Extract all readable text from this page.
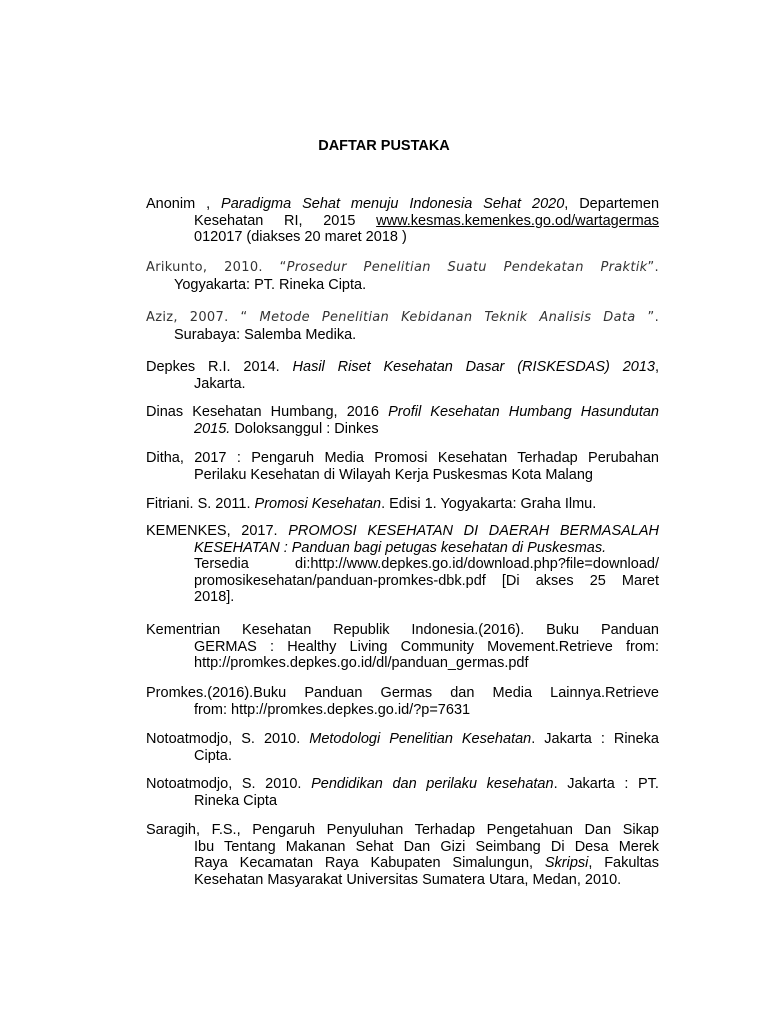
DAFTAR PUSTAKA
Anonim , Paradigma Sehat menuju Indonesia Sehat 2020, Departemen
Kesehatan RI, 2015 www.kesmas.kemenkes.go.od/wartagermas
012017 (diakses 20 maret 2018 )
Arikunto, 2010. “Prosedur Penelitian Suatu Pendekatan Praktik”.
Yogyakarta: PT. Rineka Cipta.
Aziz, 2007. “ Metode Penelitian Kebidanan Teknik Analisis Data ”.
Surabaya: Salemba Medika.
Depkes R.I. 2014. Hasil Riset Kesehatan Dasar (RISKESDAS) 2013,
Jakarta.
Dinas Kesehatan Humbang, 2016 Profil Kesehatan Humbang Hasundutan
2015. Doloksanggul : Dinkes
Ditha, 2017 : Pengaruh Media Promosi Kesehatan Terhadap Perubahan
Perilaku Kesehatan di Wilayah Kerja Puskesmas Kota Malang
Fitriani. S. 2011. Promosi Kesehatan. Edisi 1. Yogyakarta: Graha Ilmu.
KEMENKES, 2017. PROMOSI KESEHATAN DI DAERAH BERMASALAH
KESEHATAN : Panduan bagi petugas kesehatan di Puskesmas.
Tersedia di:http://www.depkes.go.id/download.php?file=download/
promosikesehatan/panduan-promkes-dbk.pdf [Di akses 25 Maret
2018].
Kementrian Kesehatan Republik Indonesia.(2016). Buku Panduan
GERMAS : Healthy Living Community Movement.Retrieve from:
http://promkes.depkes.go.id/dl/panduan_germas.pdf
Promkes.(2016).Buku Panduan Germas dan Media Lainnya.Retrieve
from: http://promkes.depkes.go.id/?p=7631
Notoatmodjo, S. 2010. Metodologi Penelitian Kesehatan. Jakarta : Rineka
Cipta.
Notoatmodjo, S. 2010. Pendidikan dan perilaku kesehatan. Jakarta : PT.
Rineka Cipta
Saragih, F.S., Pengaruh Penyuluhan Terhadap Pengetahuan Dan Sikap
Ibu Tentang Makanan Sehat Dan Gizi Seimbang Di Desa Merek
Raya Kecamatan Raya Kabupaten Simalungun, Skripsi, Fakultas
Kesehatan Masyarakat Universitas Sumatera Utara, Medan, 2010.
